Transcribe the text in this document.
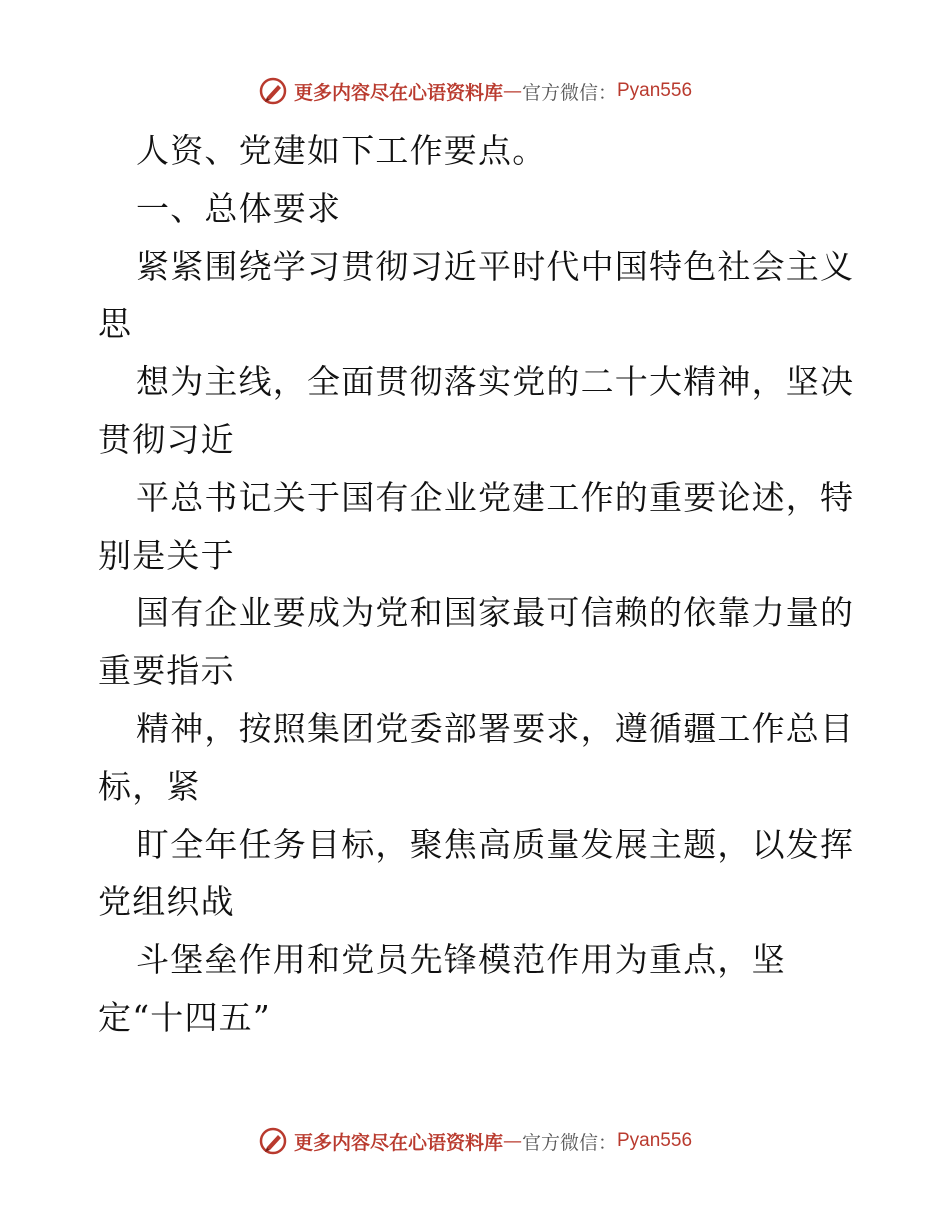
更多内容尽在心语资料库 — 官方微信： Pyan556
人资、党建如下工作要点。
一、总体要求
紧紧围绕学习贯彻习近平时代中国特色社会主义
思
想为主线，全面贯彻落实党的二十大精神，坚决
贯彻习近
平总书记关于国有企业党建工作的重要论述，特
别是关于
国有企业要成为党和国家最可信赖的依靠力量的
重要指示
精神，按照集团党委部署要求，遵循疆工作总目
标，紧
盯全年任务目标，聚焦高质量发展主题，以发挥
党组织战
斗堡垒作用和党员先锋模范作用为重点，坚
定“十四五”
更多内容尽在心语资料库 — 官方微信： Pyan556
